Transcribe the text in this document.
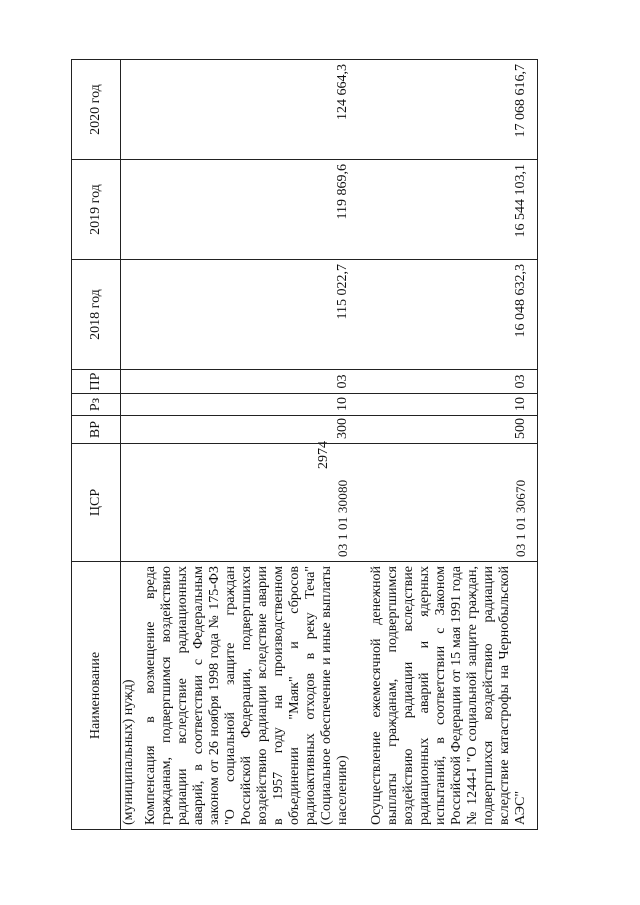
2974
Наименование	ЦСР	ВР	Рз	ПР	2018 год	2019 год	2020 год
(муниципальных) нужд)							
Компенсация в возмещение вреда гражданам, подвергшимся воздействию радиации вследствие радиационных аварий, в соответствии с Федеральным законом от 26 ноября 1998 года № 175-ФЗ "О социальной защите граждан Российской Федерации, подвергшихся воздействию радиации вследствие аварии в 1957 году на производственном объединении "Маяк" и сбросов радиоактивных отходов в реку Теча" (Социальное обеспечение и иные выплаты населению)	03 1 01 30080	300	10	03	115 022,7	119 869,6	124 664,3

Осуществление ежемесячной денежной выплаты гражданам, подвергшимся воздействию радиации вследствие радиационных аварий и ядерных испытаний, в соответствии с Законом Российской Федерации от 15 мая 1991 года № 1244-I "О социальной защите граждан, подвергшихся воздействию радиации вследствие катастрофы на Чернобыльской АЭС"	03 1 01 30670	500	10	03	16 048 632,3	16 544 103,1	17 068 616,7
